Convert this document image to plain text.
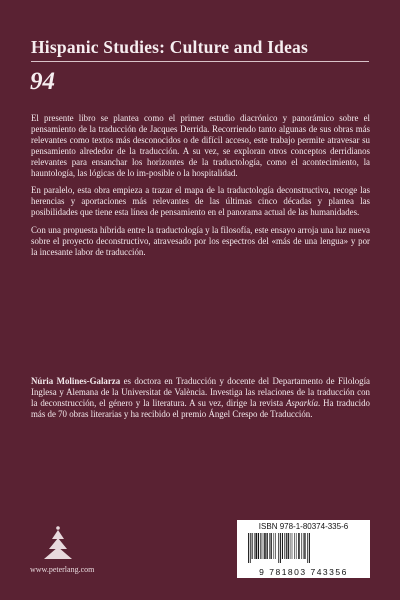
Hispanic Studies: Culture and Ideas
94

El presente libro se plantea como el primer estudio diacrónico y panorámico sobre el pensamiento de la traducción de Jacques Derrida. Recorriendo tanto algunas de sus obras más relevantes como textos más desconocidos o de difícil acceso, este trabajo permite atravesar su pensamiento alrededor de la traducción. A su vez, se exploran otros conceptos derridianos relevantes para ensanchar los horizontes de la traductología, como el acontecimiento, la hauntología, las lógicas de lo im-posible o la hospitalidad.

En paralelo, esta obra empieza a trazar el mapa de la traductología deconstructiva, recoge las herencias y aportaciones más relevantes de las últimas cinco décadas y plantea las posibilidades que tiene esta línea de pensamiento en el panorama actual de las humanidades.

Con una propuesta híbrida entre la traductología y la filosofía, este ensayo arroja una luz nueva sobre el proyecto deconstructivo, atravesado por los espectros del «más de una lengua» y por la incesante labor de traducción.

Núria Molines-Galarza es doctora en Traducción y docente del Departamento de Filología Inglesa y Alemana de la Universitat de València. Investiga las relaciones de la traducción con la deconstrucción, el género y la literatura. A su vez, dirige la revista Asparkía. Ha traducido más de 70 obras literarias y ha recibido el premio Ángel Crespo de Traducción.
www.peterlang.com
ISBN 978-1-80374-335-6
9 781803 743356
